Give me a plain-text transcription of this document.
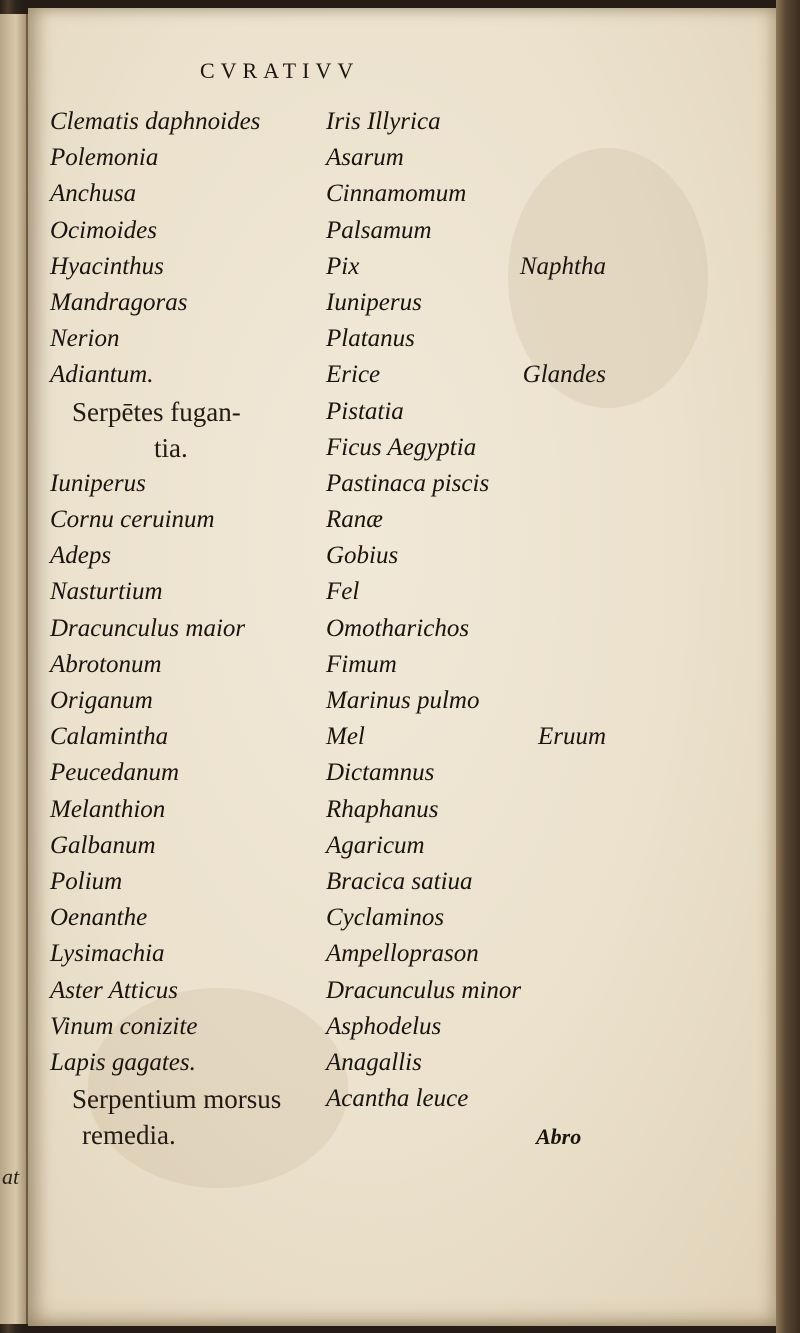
at
CVRATIVV
Clematis daphnoides
Polemonia
Anchusa
Ocimoides
Hyacinthus
Mandragoras
Nerion
Adiantum.
Serpētes fugan-
tia.
Iuniperus
Cornu ceruinum
Adeps
Nasturtium
Dracunculus maior
Abrotonum
Origanum
Calamintha
Peucedanum
Melanthion
Galbanum
Polium
Oenanthe
Lysimachia
Aster Atticus
Vinum conizite
Lapis gagates.
Serpentium morsus
remedia.
Iris Illyrica
Asarum
Cinnamomum
Palsamum
Pix	Naphtha
Iuniperus
Platanus
Erice	Glandes
Pistatia
Ficus Aegyptia
Pastinaca piscis
Ranæ
Gobius
Fel
Omotharichos
Fimum
Marinus pulmo
Mel	Eruum
Dictamnus
Rhaphanus
Agaricum
Bracica satiua
Cyclaminos
Ampelloprason
Dracunculus minor
Asphodelus
Anagallis
Acantha leuce
Abro
